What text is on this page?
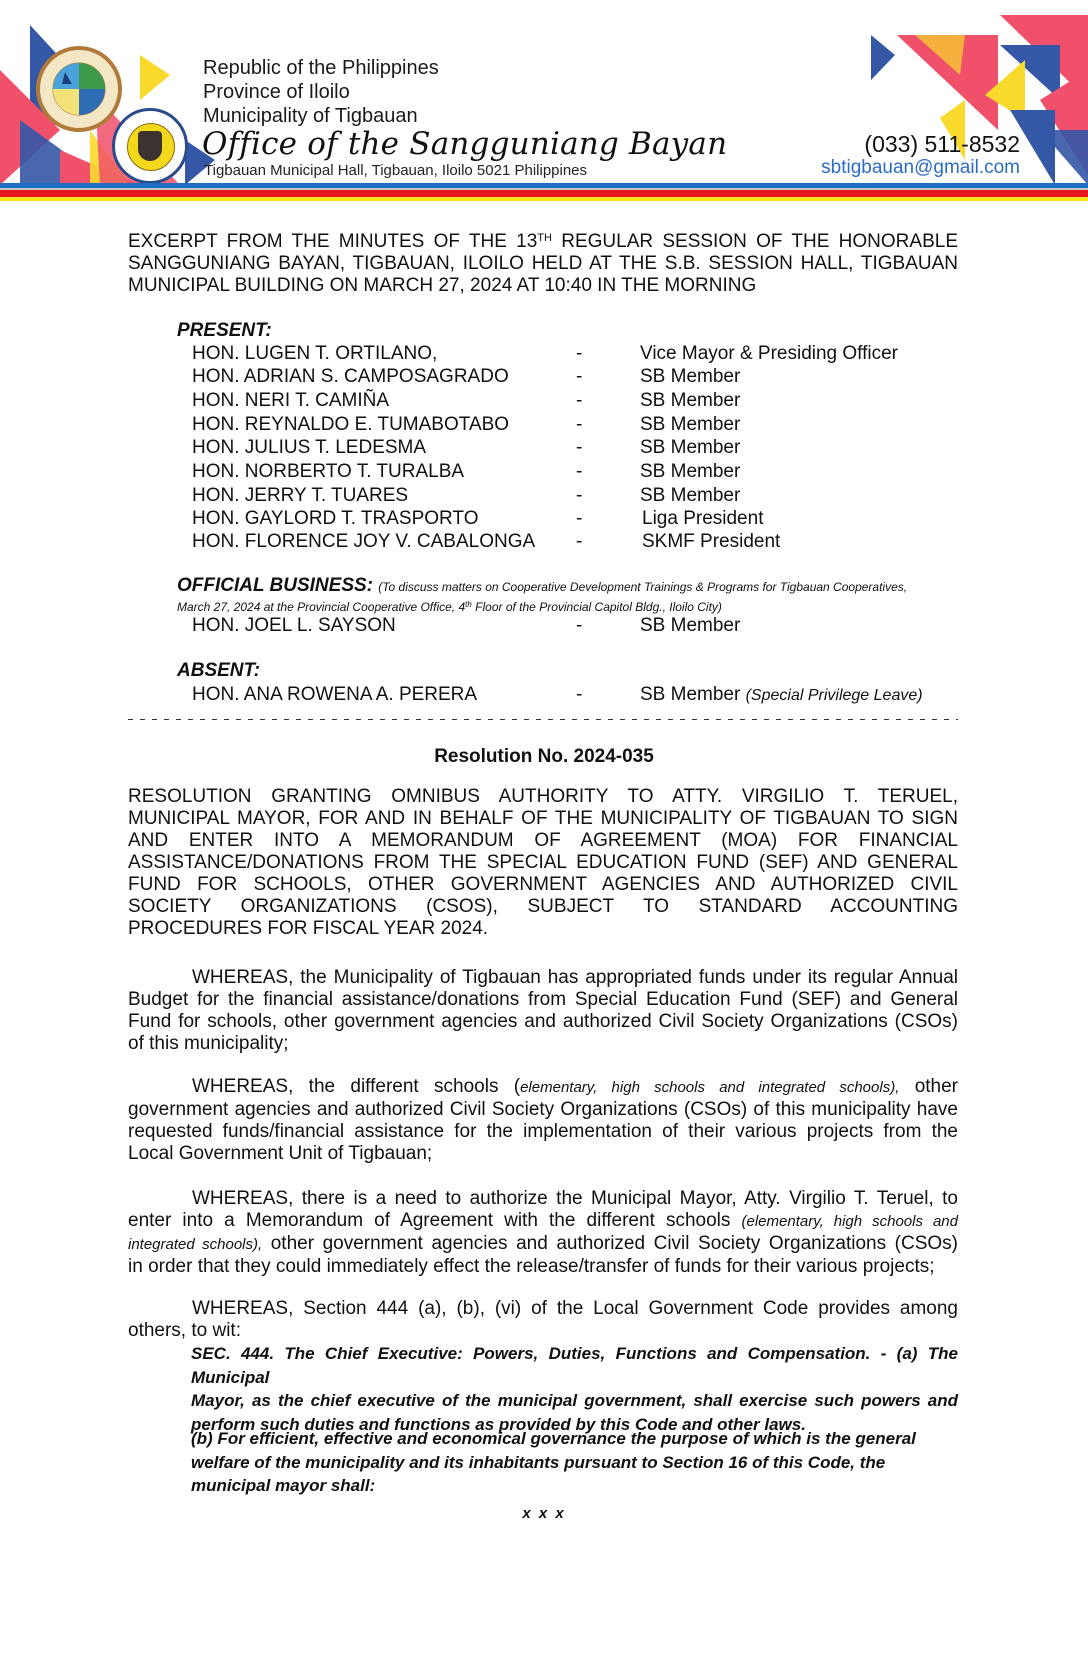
Republic of the Philippines
Province of Iloilo
Municipality of Tigbauan
Office of the Sangguniang Bayan
Tigbauan Municipal Hall, Tigbauan, Iloilo 5021 Philippines
(033) 511-8532
sbtigbauan@gmail.com
EXCERPT FROM THE MINUTES OF THE 13TH REGULAR SESSION OF THE HONORABLE
SANGGUNIANG BAYAN, TIGBAUAN, ILOILO HELD AT THE S.B. SESSION HALL, TIGBAUAN
MUNICIPAL BUILDING ON MARCH 27, 2024 AT 10:40 IN THE MORNING
PRESENT:
HON. LUGEN T. ORTILANO,	-	Vice Mayor & Presiding Officer
HON. ADRIAN S. CAMPOSAGRADO	-	SB Member
HON. NERI T. CAMIÑA	-	SB Member
HON. REYNALDO E. TUMABOTABO	-	SB Member
HON. JULIUS T. LEDESMA	-	SB Member
HON. NORBERTO T. TURALBA	-	SB Member
HON. JERRY T. TUARES	-	SB Member
HON. GAYLORD T. TRASPORTO	-	Liga President
HON. FLORENCE JOY V. CABALONGA -	SKMF President
OFFICIAL BUSINESS: (To discuss matters on Cooperative Development Trainings & Programs for Tigbauan Cooperatives,
March 27, 2024 at the Provincial Cooperative Office, 4th Floor of the Provincial Capitol Bldg., Iloilo City)
HON. JOEL L. SAYSON	-	SB Member
ABSENT:
HON. ANA ROWENA A. PERERA	-	SB Member (Special Privilege Leave)
Resolution No. 2024-035
RESOLUTION GRANTING OMNIBUS AUTHORITY TO ATTY. VIRGILIO T. TERUEL,
MUNICIPAL MAYOR, FOR AND IN BEHALF OF THE MUNICIPALITY OF TIGBAUAN TO SIGN
AND ENTER INTO A MEMORANDUM OF AGREEMENT (MOA) FOR FINANCIAL
ASSISTANCE/DONATIONS FROM THE SPECIAL EDUCATION FUND (SEF) AND GENERAL
FUND FOR SCHOOLS, OTHER GOVERNMENT AGENCIES AND AUTHORIZED CIVIL
SOCIETY ORGANIZATIONS (CSOS), SUBJECT TO STANDARD ACCOUNTING
PROCEDURES FOR FISCAL YEAR 2024.
WHEREAS, the Municipality of Tigbauan has appropriated funds under its regular Annual
Budget for the financial assistance/donations from Special Education Fund (SEF) and General
Fund for schools, other government agencies and authorized Civil Society Organizations (CSOs)
of this municipality;
WHEREAS, the different schools (elementary, high schools and integrated schools), other
government agencies and authorized Civil Society Organizations (CSOs) of this municipality have
requested funds/financial assistance for the implementation of their various projects from the
Local Government Unit of Tigbauan;
WHEREAS, there is a need to authorize the Municipal Mayor, Atty. Virgilio T. Teruel, to
enter into a Memorandum of Agreement with the different schools (elementary, high schools and
integrated schools), other government agencies and authorized Civil Society Organizations (CSOs)
in order that they could immediately effect the release/transfer of funds for their various projects;
WHEREAS, Section 444 (a), (b), (vi) of the Local Government Code provides among
others, to wit:
SEC. 444. The Chief Executive: Powers, Duties, Functions and Compensation. - (a) The Municipal
Mayor, as the chief executive of the municipal government, shall exercise such powers and
perform such duties and functions as provided by this Code and other laws.
(b) For efficient, effective and economical governance the purpose of which is the general
welfare of the municipality and its inhabitants pursuant to Section 16 of this Code, the
municipal mayor shall:
x x x
